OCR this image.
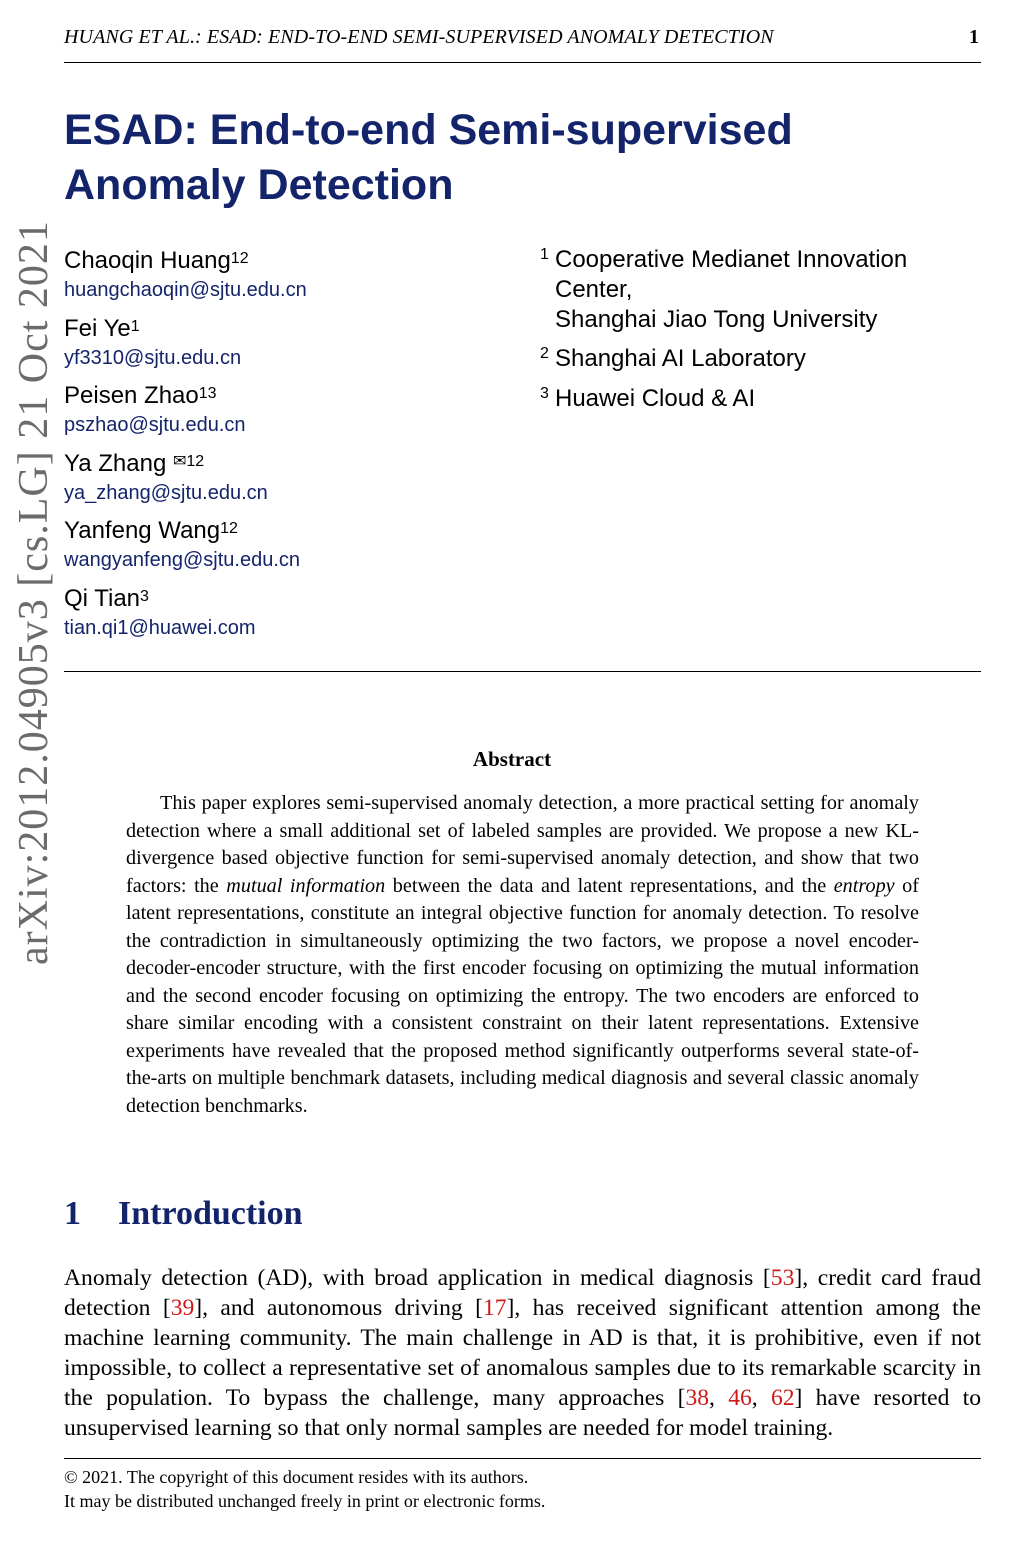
HUANG ET AL.: ESAD: END-TO-END SEMI-SUPERVISED ANOMALY DETECTION	1
arXiv:2012.04905v3 [cs.LG] 21 Oct 2021
ESAD: End-to-end Semi-supervised
Anomaly Detection
Chaoqin Huang$^{12}$
huangchaoqin@sjtu.edu.cn
Fei Ye$^1$
yf3310@sjtu.edu.cn
Peisen Zhao$^{13}$
pszhao@sjtu.edu.cn
Ya Zhang $^{✉12}$
ya_zhang@sjtu.edu.cn
Yanfeng Wang$^{12}$
wangyanfeng@sjtu.edu.cn
Qi Tian$^3$
tian.qi1@huawei.com
1 Cooperative Medianet Innovation
Center,
Shanghai Jiao Tong University
2 Shanghai AI Laboratory
3 Huawei Cloud & AI
Abstract

This paper explores semi-supervised anomaly detection, a more practical setting for anomaly detection where a small additional set of labeled samples are provided. We propose a new KL-divergence based objective function for semi-supervised anomaly detection, and show that two factors: the mutual information between the data and latent representations, and the entropy of latent representations, constitute an integral objective function for anomaly detection. To resolve the contradiction in simultaneously optimizing the two factors, we propose a novel encoder-decoder-encoder structure, with the first encoder focusing on optimizing the mutual information and the second encoder focusing on optimizing the entropy. The two encoders are enforced to share similar encoding with a consistent constraint on their latent representations. Extensive experiments have revealed that the proposed method significantly outperforms several state-of-the-arts on multiple benchmark datasets, including medical diagnosis and several classic anomaly detection benchmarks.

1 Introduction

Anomaly detection (AD), with broad application in medical diagnosis [53], credit card fraud detection [39], and autonomous driving [17], has received significant attention among the machine learning community. The main challenge in AD is that, it is prohibitive, even if not impossible, to collect a representative set of anomalous samples due to its remarkable scarcity in the population. To bypass the challenge, many approaches [38, 46, 62] have resorted to unsupervised learning so that only normal samples are needed for model training.

© 2021. The copyright of this document resides with its authors.
It may be distributed unchanged freely in print or electronic forms.
